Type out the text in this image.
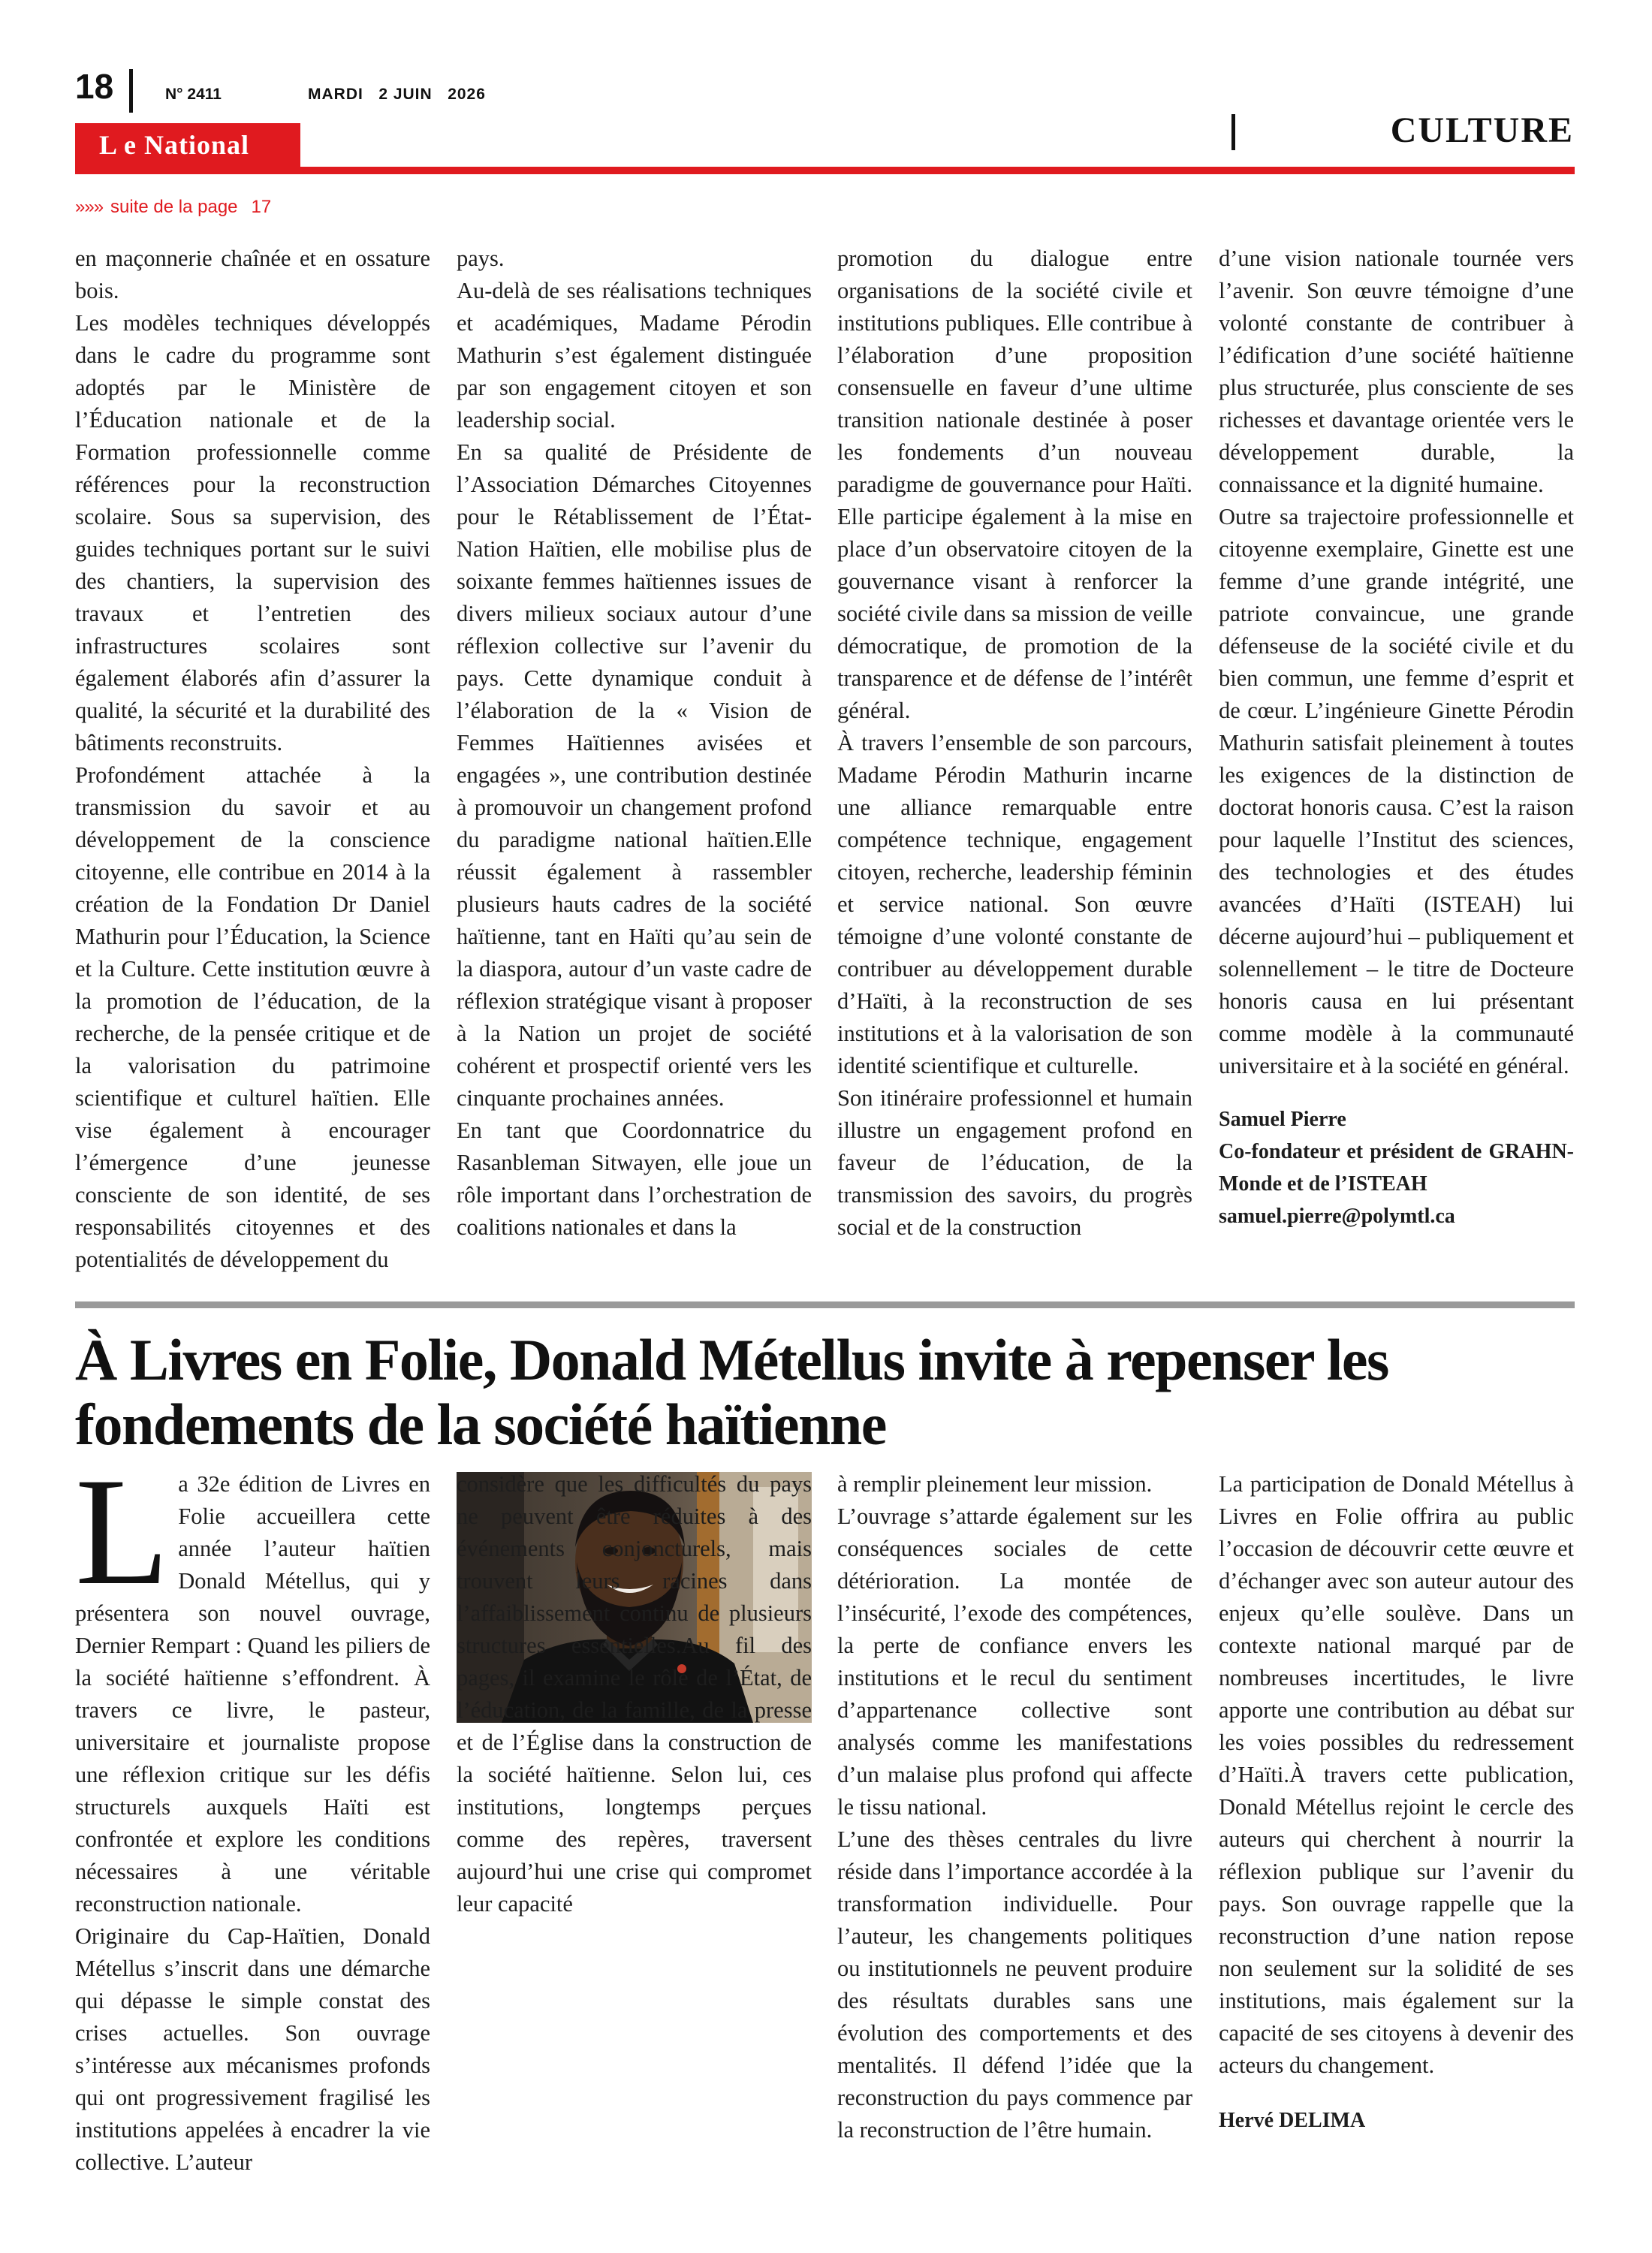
18	N° 2411	MARDI   2 JUIN   2026
CULTURE
L e National
»»» suite de la page 17

en maçonnerie chaînée et en ossature bois.

Les modèles techniques développés dans le cadre du programme sont adoptés par le Ministère de l’Éducation nationale et de la Formation professionnelle comme références pour la reconstruction scolaire. Sous sa supervision, des guides techniques portant sur le suivi des chantiers, la supervision des travaux et l’entretien des infrastructures scolaires sont également élaborés afin d’assurer la qualité, la sécurité et la durabilité des bâtiments reconstruits.

Profondément attachée à la transmission du savoir et au développement de la conscience citoyenne, elle contribue en 2014 à la création de la Fondation Dr Daniel Mathurin pour l’Éducation, la Science et la Culture. Cette institution œuvre à la promotion de l’éducation, de la recherche, de la pensée critique et de la valorisation du patrimoine scientifique et culturel haïtien. Elle vise également à encourager l’émergence d’une jeunesse consciente de son identité, de ses responsabilités citoyennes et des potentialités de développement du

pays.

Au-delà de ses réalisations techniques et académiques, Madame Pérodin Mathurin s’est également distinguée par son engagement citoyen et son leadership social.

En sa qualité de Présidente de l’Association Démarches Citoyennes pour le Rétablissement de l’État-Nation Haïtien, elle mobilise plus de soixante femmes haïtiennes issues de divers milieux sociaux autour d’une réflexion collective sur l’avenir du pays. Cette dynamique conduit à l’élaboration de la « Vision de Femmes Haïtiennes avisées et engagées », une contribution destinée à promouvoir un changement profond du paradigme national haïtien.Elle réussit également à rassembler plusieurs hauts cadres de la société haïtienne, tant en Haïti qu’au sein de la diaspora, autour d’un vaste cadre de réflexion stratégique visant à proposer à la Nation un projet de société cohérent et prospectif orienté vers les cinquante prochaines années.

En tant que Coordonnatrice du Rasanbleman Sitwayen, elle joue un rôle important dans l’orchestration de coalitions nationales et dans la

promotion du dialogue entre organisations de la société civile et institutions publiques. Elle contribue à l’élaboration d’une proposition consensuelle en faveur d’une ultime transition nationale destinée à poser les fondements d’un nouveau paradigme de gouvernance pour Haïti. Elle participe également à la mise en place d’un observatoire citoyen de la gouvernance visant à renforcer la société civile dans sa mission de veille démocratique, de promotion de la transparence et de défense de l’intérêt général.

À travers l’ensemble de son parcours, Madame Pérodin Mathurin incarne une alliance remarquable entre compétence technique, engagement citoyen, recherche, leadership féminin et service national. Son œuvre témoigne d’une volonté constante de contribuer au développement durable d’Haïti, à la reconstruction de ses institutions et à la valorisation de son identité scientifique et culturelle.

Son itinéraire professionnel et humain illustre un engagement profond en faveur de l’éducation, de la transmission des savoirs, du progrès social et de la construction

d’une vision nationale tournée vers l’avenir. Son œuvre témoigne d’une volonté constante de contribuer à l’édification d’une société haïtienne plus structurée, plus consciente de ses richesses et davantage orientée vers le développement durable, la connaissance et la dignité humaine.

Outre sa trajectoire professionnelle et citoyenne exemplaire, Ginette est une femme d’une grande intégrité, une patriote convaincue, une grande défenseuse de la société civile et du bien commun, une femme d’esprit et de cœur. L’ingénieure Ginette Pérodin Mathurin satisfait pleinement à toutes les exigences de la distinction de doctorat honoris causa. C’est la raison pour laquelle l’Institut des sciences, des technologies et des études avancées d’Haïti (ISTEAH) lui décerne aujourd’hui – publiquement et solennellement – le titre de Docteure honoris causa en lui présentant comme modèle à la communauté universitaire et à la société en général.

Samuel Pierre
Co-fondateur et président de GRAHN-Monde et de l’ISTEAH
samuel.pierre@polymtl.ca
À Livres en Folie, Donald Métellus invite à repenser les fondements de la société haïtienne

La 32e édition de Livres en Folie accueillera cette année l’auteur haïtien Donald Métellus, qui y présentera son nouvel ouvrage, Dernier Rempart : Quand les piliers de la société haïtienne s’effondrent. À travers ce livre, le pasteur, universitaire et journaliste propose une réflexion critique sur les défis structurels auxquels Haïti est confrontée et explore les conditions nécessaires à une véritable reconstruction nationale.

Originaire du Cap-Haïtien, Donald Métellus s’inscrit dans une démarche qui dépasse le simple constat des crises actuelles. Son ouvrage s’intéresse aux mécanismes profonds qui ont progressivement fragilisé les institutions appelées à encadrer la vie collective. L’auteur

considère que les difficultés du pays ne peuvent être réduites à des événements conjoncturels, mais trouvent leurs racines dans l’affaiblissement continu de plusieurs structures essentielles.Au fil des pages, il examine le rôle de l’État, de l’éducation, de la famille, de la presse et de l’Église dans la construction de la société haïtienne. Selon lui, ces institutions, longtemps perçues comme des repères, traversent aujourd’hui une crise qui compromet leur capacité

à remplir pleinement leur mission.

L’ouvrage s’attarde également sur les conséquences sociales de cette détérioration. La montée de l’insécurité, l’exode des compétences, la perte de confiance envers les institutions et le recul du sentiment d’appartenance collective sont analysés comme les manifestations d’un malaise plus profond qui affecte le tissu national.

L’une des thèses centrales du livre réside dans l’importance accordée à la transformation individuelle. Pour l’auteur, les changements politiques ou institutionnels ne peuvent produire des résultats durables sans une évolution des comportements et des mentalités. Il défend l’idée que la reconstruction du pays commence par la reconstruction de l’être humain.

La participation de Donald Métellus à Livres en Folie offrira au public l’occasion de découvrir cette œuvre et d’échanger avec son auteur autour des enjeux qu’elle soulève. Dans un contexte national marqué par de nombreuses incertitudes, le livre apporte une contribution au débat sur les voies possibles du redressement d’Haïti.À travers cette publication, Donald Métellus rejoint le cercle des auteurs qui cherchent à nourrir la réflexion publique sur l’avenir du pays. Son ouvrage rappelle que la reconstruction d’une nation repose non seulement sur la solidité de ses institutions, mais également sur la capacité de ses citoyens à devenir des acteurs du changement.

Hervé DELIMA
